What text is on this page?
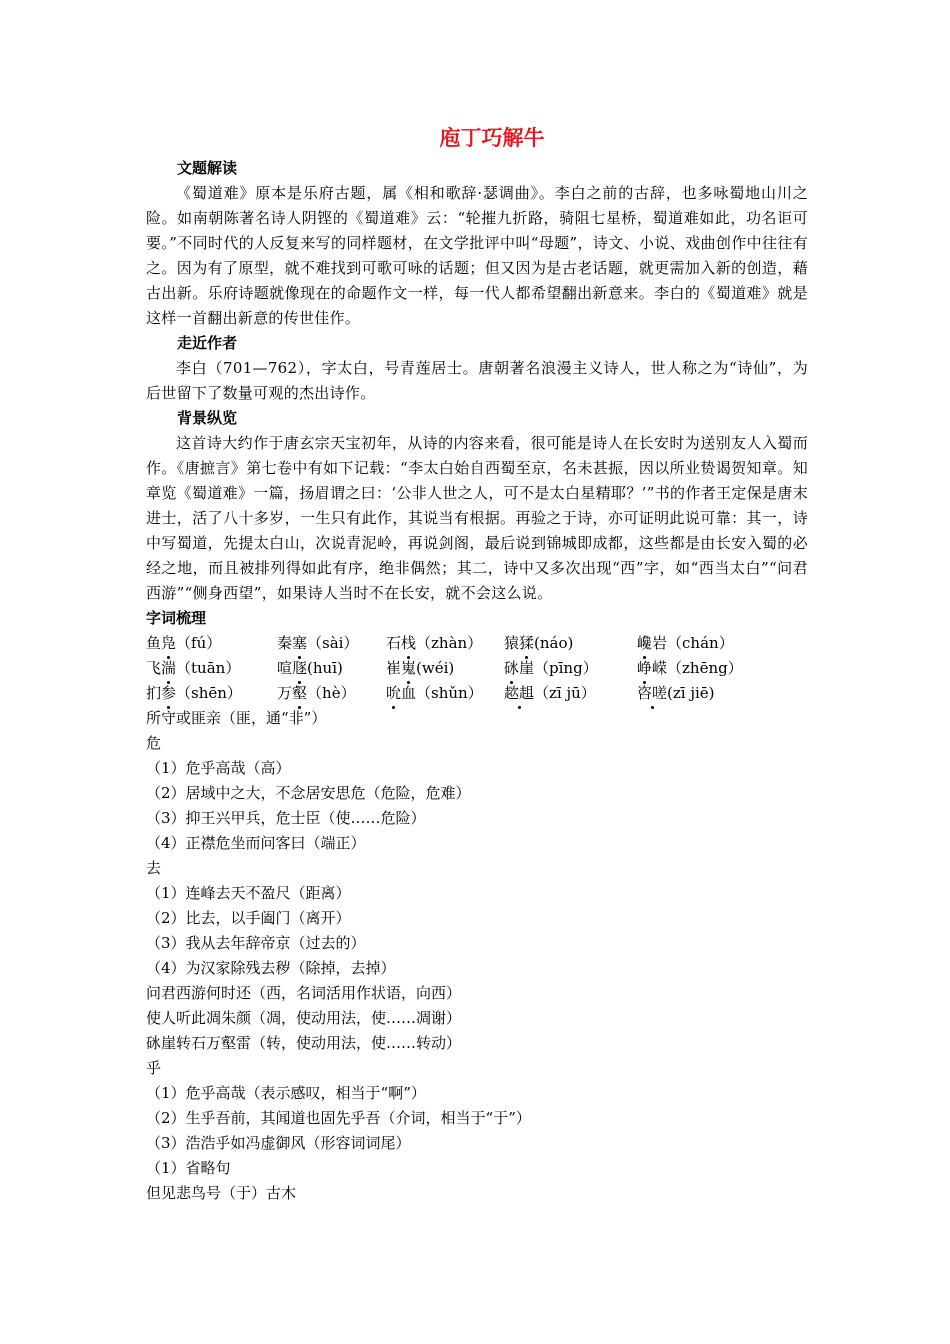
庖丁巧解牛
文题解读

《蜀道难》原本是乐府古题，属《相和歌辞·瑟调曲》。李白之前的古辞，也多咏蜀地山川之险。如南朝陈著名诗人阴铿的《蜀道难》云：“轮摧九折路，骑阻七星桥，蜀道难如此，功名讵可要。”不同时代的人反复来写的同样题材，在文学批评中叫“母题”，诗文、小说、戏曲创作中往往有之。因为有了原型，就不难找到可歌可咏的话题；但又因为是古老话题，就更需加入新的创造，藉古出新。乐府诗题就像现在的命题作文一样，每一代人都希望翻出新意来。李白的《蜀道难》就是这样一首翻出新意的传世佳作。

走近作者

李白（701—762），字太白，号青莲居士。唐朝著名浪漫主义诗人，世人称之为“诗仙”，为后世留下了数量可观的杰出诗作。

背景纵览

这首诗大约作于唐玄宗天宝初年，从诗的内容来看，很可能是诗人在长安时为送别友人入蜀而作。《唐摭言》第七卷中有如下记载：“李太白始自西蜀至京，名未甚振，因以所业贽谒贺知章。知章览《蜀道难》一篇，扬眉谓之曰：‘公非人世之人，可不是太白星精耶？’”书的作者王定保是唐末进士，活了八十多岁，一生只有此作，其说当有根据。再验之于诗，亦可证明此说可靠：其一，诗中写蜀道，先提太白山，次说青泥岭，再说剑阁，最后说到锦城即成都，这些都是由长安入蜀的必经之地，而且被排列得如此有序，绝非偶然；其二，诗中又多次出现“西”字，如“西当太白”“问君西游”“侧身西望”，如果诗人当时不在长安，就不会这么说。

字词梳理
鱼凫（fú）	秦塞（sài） 石栈（zhàn） 猿猱(náo)	巉岩（chán）
飞湍（tuān） 喧豗(huī)	崔嵬(wéi)	砯崖（pīng）	峥嵘（zhēng）
扪参（shēn） 万壑（hè） 吮血（shǔn） 趑趄（zī jū）	咨嗟(zī jiē)
所守或匪亲（匪，通“非”）
危
（1）危乎高哉（高）
（2）居域中之大，不念居安思危（危险，危难）
（3）抑王兴甲兵，危士臣（使……危险）
（4）正襟危坐而问客曰（端正）
去
（1）连峰去天不盈尺（距离）
（2）比去，以手阖门（离开）
（3）我从去年辞帝京（过去的）
（4）为汉家除残去秽（除掉，去掉）
问君西游何时还（西，名词活用作状语，向西）
使人听此凋朱颜（凋，使动用法，使……凋谢）
砯崖转石万壑雷（转，使动用法，使……转动）
乎
（1）危乎高哉（表示感叹，相当于“啊”）
（2）生乎吾前，其闻道也固先乎吾（介词，相当于“于”）
（3）浩浩乎如冯虚御风（形容词词尾）
（1）省略句
但见悲鸟号（于）古木
